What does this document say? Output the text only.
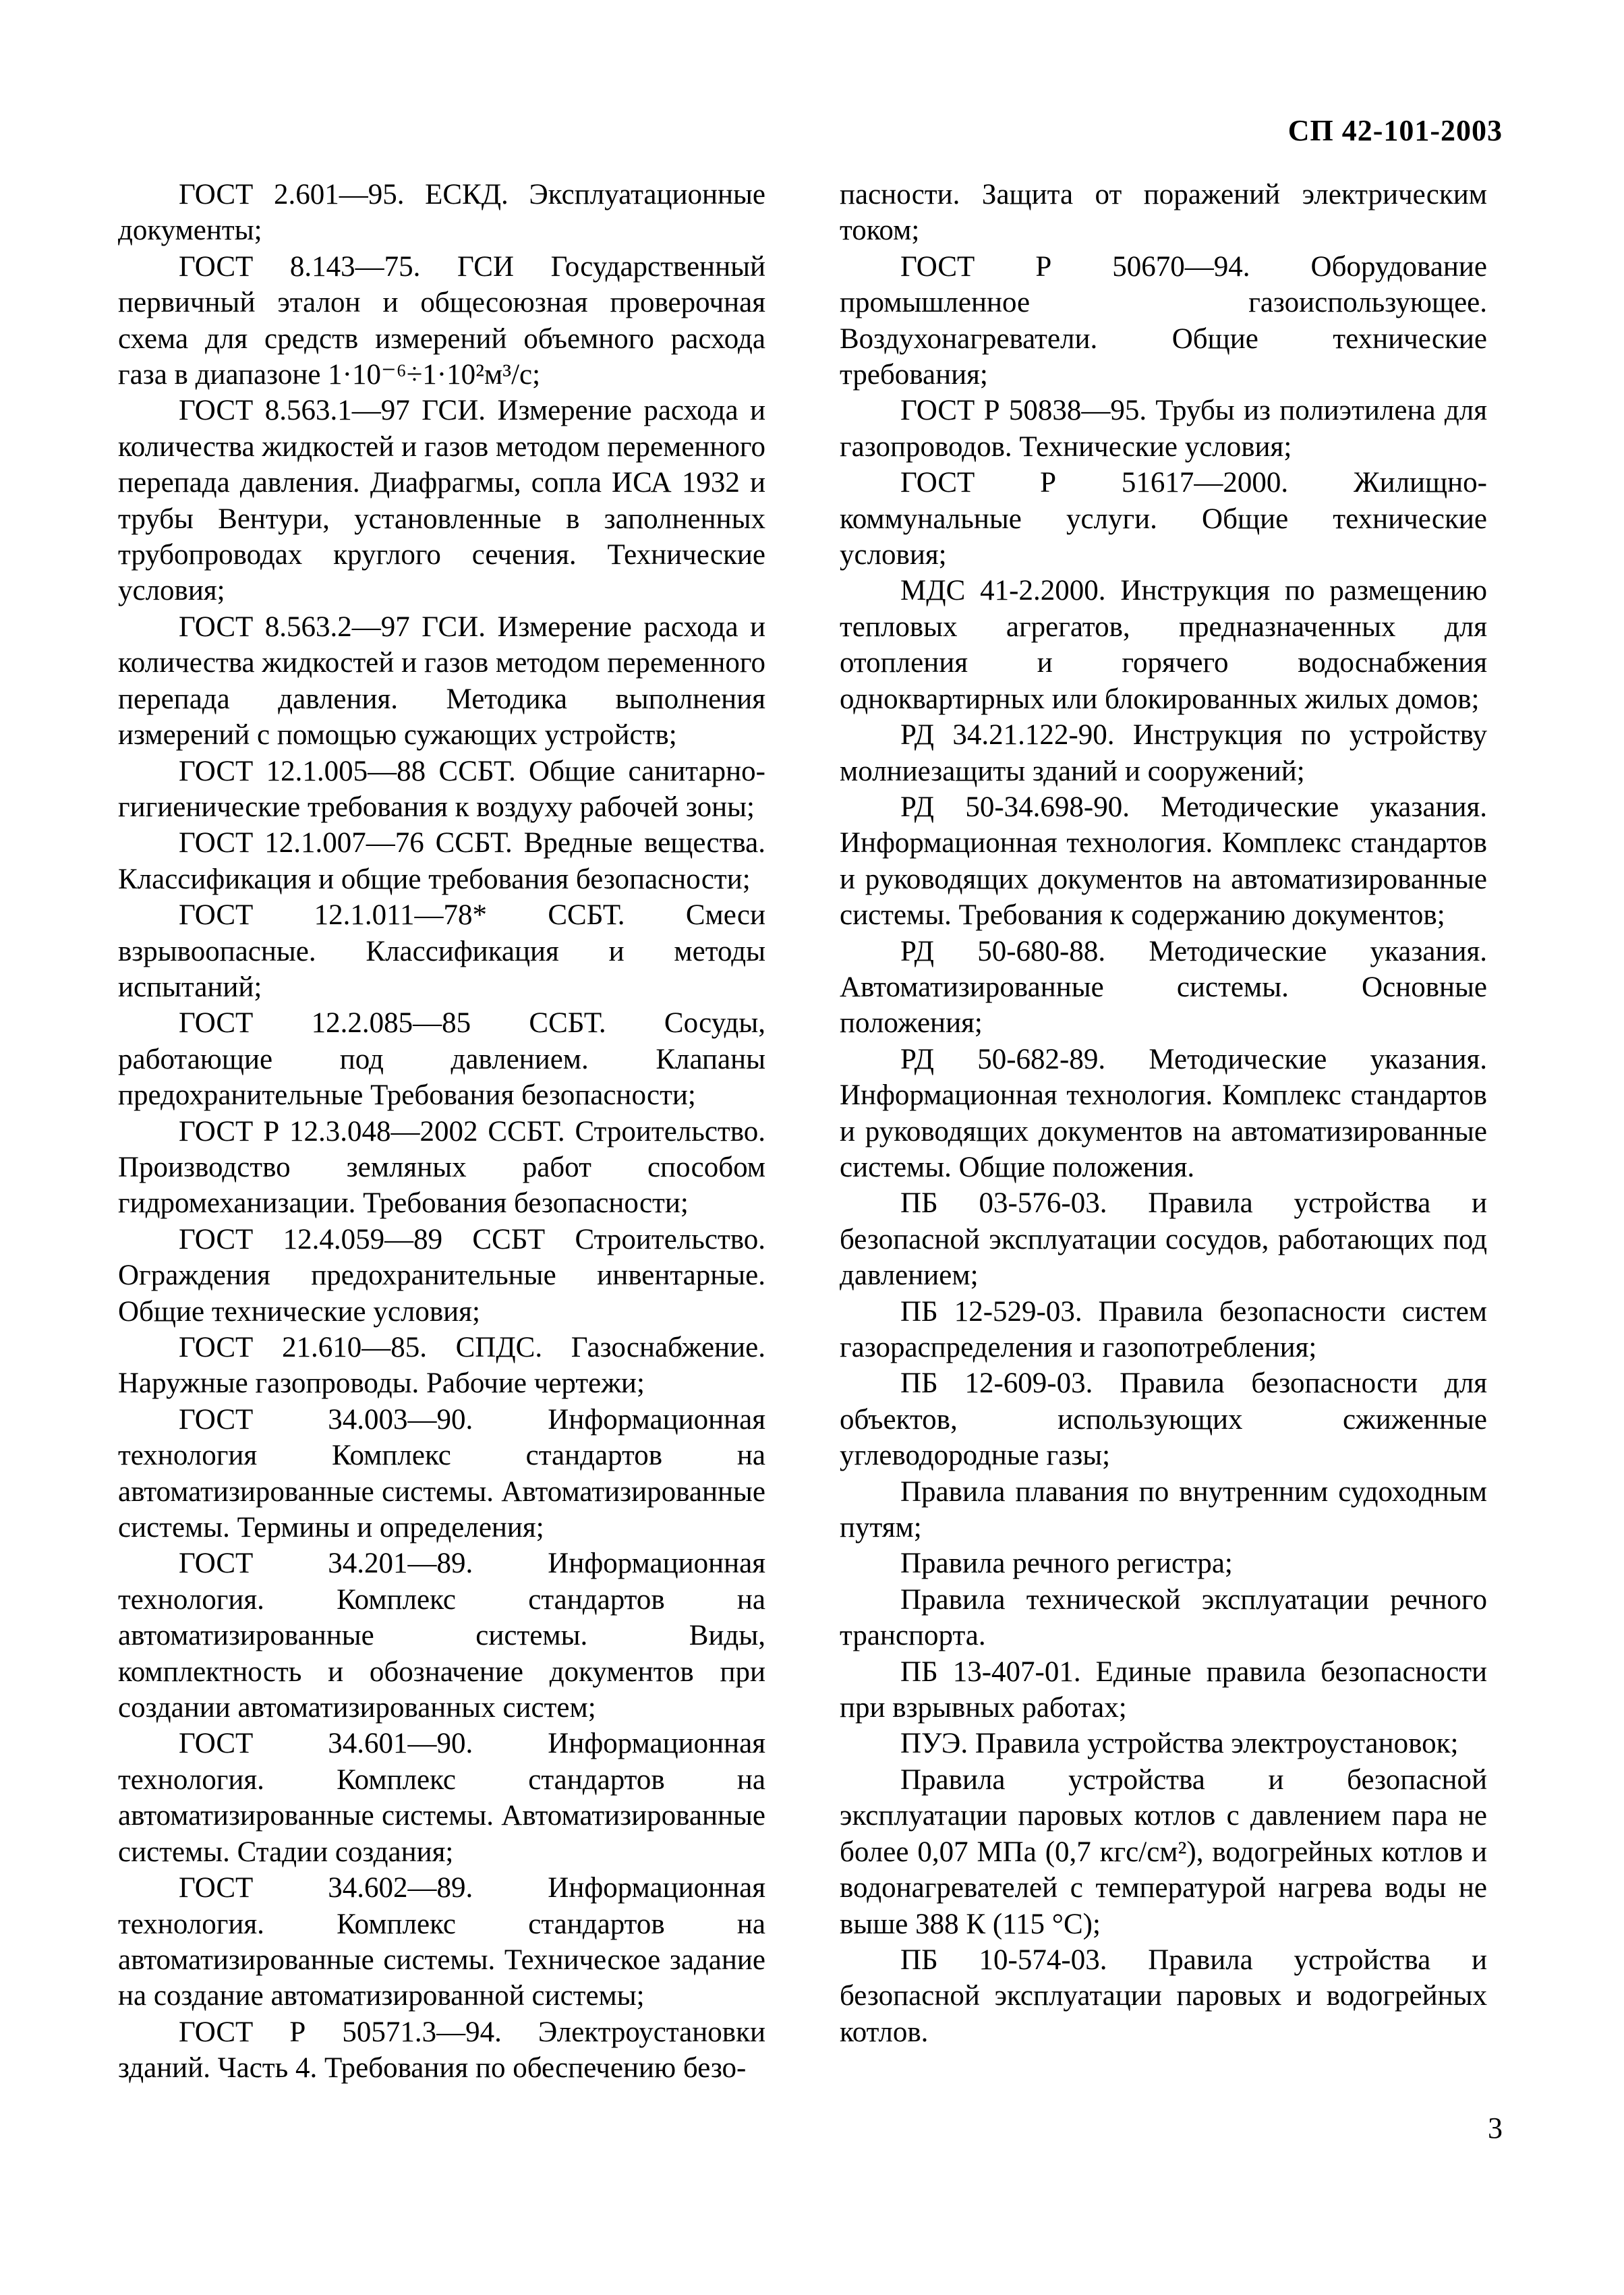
СП 42-101-2003

ГОСТ 2.601—95. ЕСКД. Эксплуатационные документы;

ГОСТ 8.143—75. ГСИ Государственный первичный эталон и общесоюзная проверочная схема для средств измерений объемного расхода газа в диапазоне 1·10⁻⁶÷1·10²м³/с;

ГОСТ 8.563.1—97 ГСИ. Измерение расхода и количества жидкостей и газов методом переменного перепада давления. Диафрагмы, сопла ИСА 1932 и трубы Вентури, установленные в заполненных трубопроводах круглого сечения. Технические условия;

ГОСТ 8.563.2—97 ГСИ. Измерение расхода и количества жидкостей и газов методом переменного перепада давления. Методика выполнения измерений с помощью сужающих устройств;

ГОСТ 12.1.005—88 ССБТ. Общие санитарно-гигиенические требования к воздуху рабочей зоны;

ГОСТ 12.1.007—76 ССБТ. Вредные вещества. Классификация и общие требования безопасности;

ГОСТ 12.1.011—78* ССБТ. Смеси взрывоопасные. Классификация и методы испытаний;

ГОСТ 12.2.085—85 ССБТ. Сосуды, работающие под давлением. Клапаны предохранительные Требования безопасности;

ГОСТ Р 12.3.048—2002 ССБТ. Строительство. Производство земляных работ способом гидромеханизации. Требования безопасности;

ГОСТ 12.4.059—89 ССБТ Строительство. Ограждения предохранительные инвентарные. Общие технические условия;

ГОСТ 21.610—85. СПДС. Газоснабжение. Наружные газопроводы. Рабочие чертежи;

ГОСТ 34.003—90. Информационная технология Комплекс стандартов на автоматизированные системы. Автоматизированные системы. Термины и определения;

ГОСТ 34.201—89. Информационная технология. Комплекс стандартов на автоматизированные системы. Виды, комплектность и обозначение документов при создании автоматизированных систем;

ГОСТ 34.601—90. Информационная технология. Комплекс стандартов на автоматизированные системы. Автоматизированные системы. Стадии создания;

ГОСТ 34.602—89. Информационная технология. Комплекс стандартов на автоматизированные системы. Техническое задание на создание автоматизированной системы;

ГОСТ Р 50571.3—94. Электроустановки зданий. Часть 4. Требования по обеспечению безо-

пасности. Защита от поражений электрическим током;

ГОСТ Р 50670—94. Оборудование промышленное газоиспользующее. Воздухонагреватели. Общие технические требования;

ГОСТ Р 50838—95. Трубы из полиэтилена для газопроводов. Технические условия;

ГОСТ Р 51617—2000. Жилищно-коммунальные услуги. Общие технические условия;

МДС 41-2.2000. Инструкция по размещению тепловых агрегатов, предназначенных для отопления и горячего водоснабжения одноквартирных или блокированных жилых домов;

РД 34.21.122-90. Инструкция по устройству молниезащиты зданий и сооружений;

РД 50-34.698-90. Методические указания. Информационная технология. Комплекс стандартов и руководящих документов на автоматизированные системы. Требования к содержанию документов;

РД 50-680-88. Методические указания. Автоматизированные системы. Основные положения;

РД 50-682-89. Методические указания. Информационная технология. Комплекс стандартов и руководящих документов на автоматизированные системы. Общие положения.

ПБ 03-576-03. Правила устройства и безопасной эксплуатации сосудов, работающих под давлением;

ПБ 12-529-03. Правила безопасности систем газораспределения и газопотребления;

ПБ 12-609-03. Правила безопасности для объектов, использующих сжиженные углеводородные газы;

Правила плавания по внутренним судоходным путям;

Правила речного регистра;

Правила технической эксплуатации речного транспорта.

ПБ 13-407-01. Единые правила безопасности при взрывных работах;

ПУЭ. Правила устройства электроустановок;

Правила устройства и безопасной эксплуатации паровых котлов с давлением пара не более 0,07 МПа (0,7 кгс/см²), водогрейных котлов и водонагревателей с температурой нагрева воды не выше 388 К (115 °С);

ПБ 10-574-03. Правила устройства и безопасной эксплуатации паровых и водогрейных котлов.

3
